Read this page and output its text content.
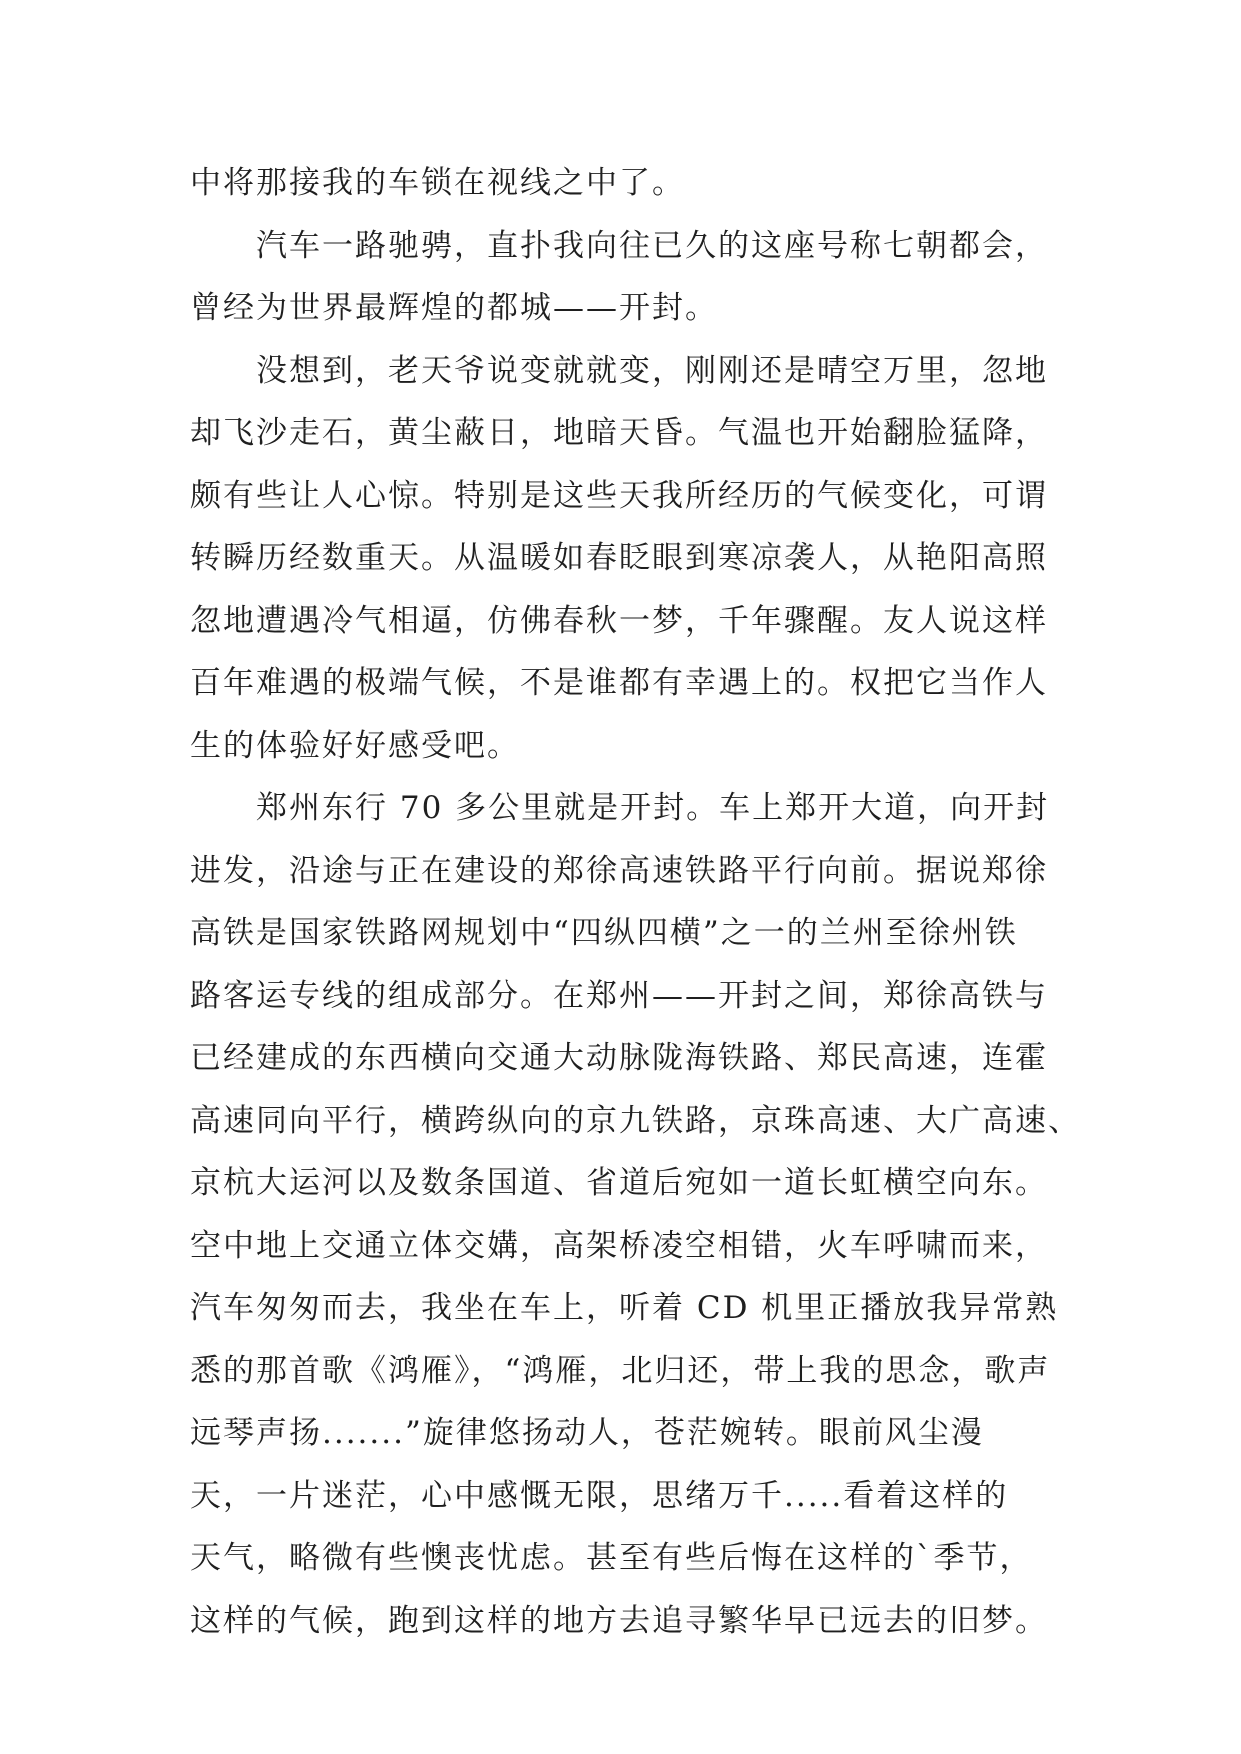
中将那接我的车锁在视线之中了。
汽车一路驰骋，直扑我向往已久的这座号称七朝都会，
曾经为世界最辉煌的都城——开封。
没想到，老天爷说变就就变，刚刚还是晴空万里，忽地
却飞沙走石，黄尘蔽日，地暗天昏。气温也开始翻脸猛降，
颇有些让人心惊。特别是这些天我所经历的气候变化，可谓
转瞬历经数重天。从温暖如春眨眼到寒凉袭人，从艳阳高照
忽地遭遇冷气相逼，仿佛春秋一梦，千年骤醒。友人说这样
百年难遇的极端气候，不是谁都有幸遇上的。权把它当作人
生的体验好好感受吧。
郑州东行 70 多公里就是开封。车上郑开大道，向开封
进发，沿途与正在建设的郑徐高速铁路平行向前。据说郑徐
高铁是国家铁路网规划中“四纵四横”之一的兰州至徐州铁
路客运专线的组成部分。在郑州——开封之间，郑徐高铁与
已经建成的东西横向交通大动脉陇海铁路、郑民高速，连霍
高速同向平行，横跨纵向的京九铁路，京珠高速、大广高速、
京杭大运河以及数条国道、省道后宛如一道长虹横空向东。
空中地上交通立体交媾，高架桥凌空相错，火车呼啸而来，
汽车匆匆而去，我坐在车上，听着 CD 机里正播放我异常熟
悉的那首歌《鸿雁》，“鸿雁，北归还，带上我的思念，歌声
远琴声扬.......”旋律悠扬动人，苍茫婉转。眼前风尘漫
天，一片迷茫，心中感慨无限，思绪万千.....看着这样的
天气，略微有些懊丧忧虑。甚至有些后悔在这样的`季节，
这样的气候，跑到这样的地方去追寻繁华早已远去的旧梦。
